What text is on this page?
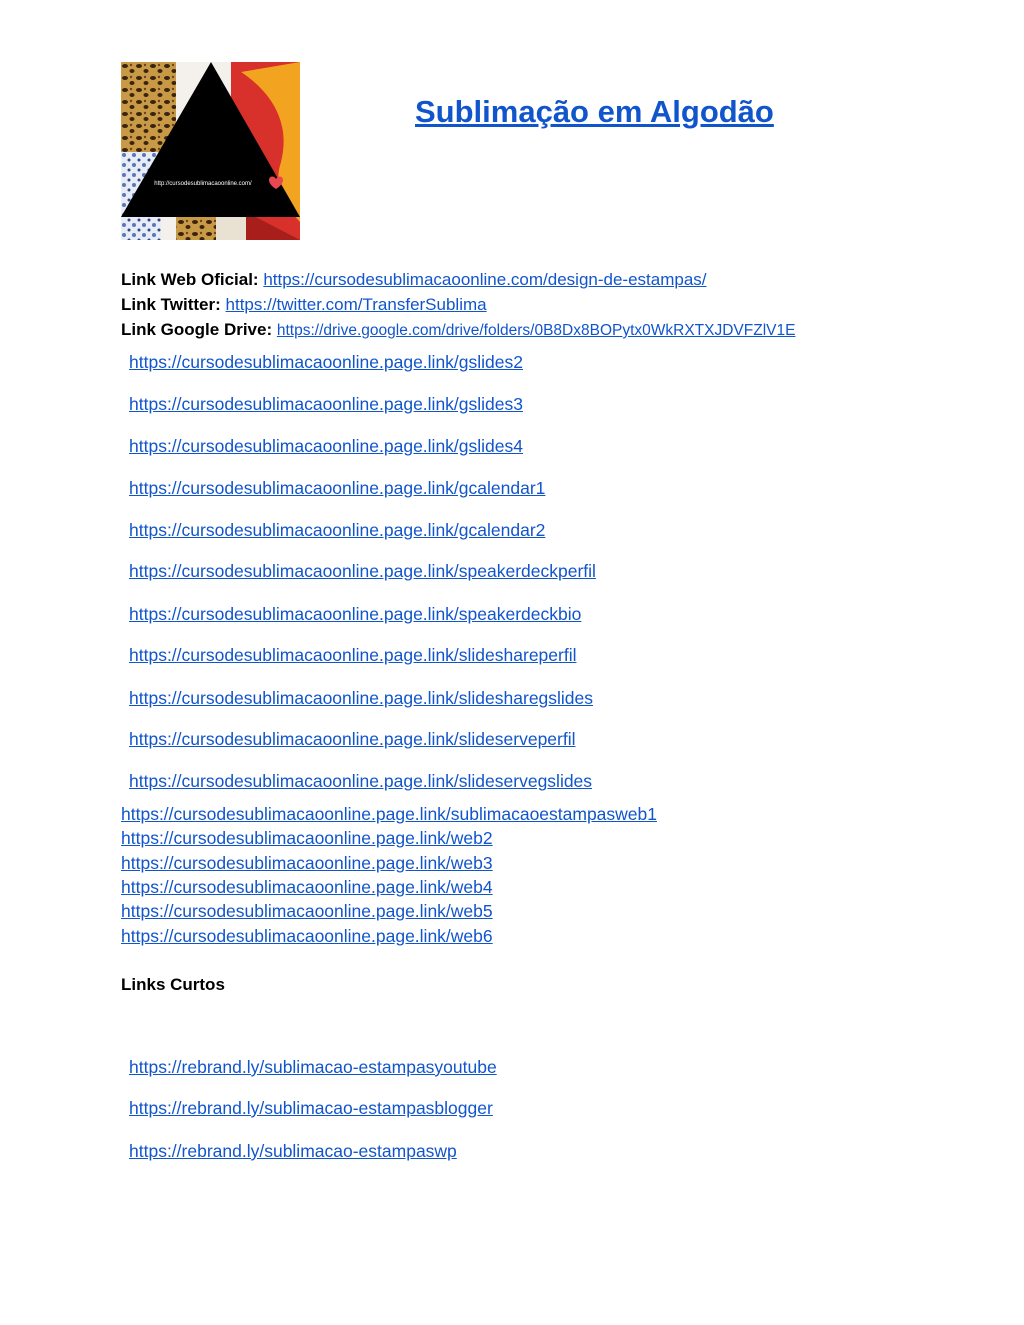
http://cursodesublimacaoonline.com/
Sublimação em Algodão
Link Web Oficial: https://cursodesublimacaoonline.com/design-de-estampas/
Link Twitter: https://twitter.com/TransferSublima
Link Google Drive: https://drive.google.com/drive/folders/0B8Dx8BOPytx0WkRXTXJDVFZlV1E
https://cursodesublimacaoonline.page.link/gslides2
https://cursodesublimacaoonline.page.link/gslides3
https://cursodesublimacaoonline.page.link/gslides4
https://cursodesublimacaoonline.page.link/gcalendar1
https://cursodesublimacaoonline.page.link/gcalendar2
https://cursodesublimacaoonline.page.link/speakerdeckperfil
https://cursodesublimacaoonline.page.link/speakerdeckbio
https://cursodesublimacaoonline.page.link/slideshareperfil
https://cursodesublimacaoonline.page.link/slidesharegslides
https://cursodesublimacaoonline.page.link/slideserveperfil
https://cursodesublimacaoonline.page.link/slideservegslides
https://cursodesublimacaoonline.page.link/sublimacaoestampasweb1
https://cursodesublimacaoonline.page.link/web2
https://cursodesublimacaoonline.page.link/web3
https://cursodesublimacaoonline.page.link/web4
https://cursodesublimacaoonline.page.link/web5
https://cursodesublimacaoonline.page.link/web6
Links Curtos
https://rebrand.ly/sublimacao-estampasyoutube
https://rebrand.ly/sublimacao-estampasblogger
https://rebrand.ly/sublimacao-estampaswp
